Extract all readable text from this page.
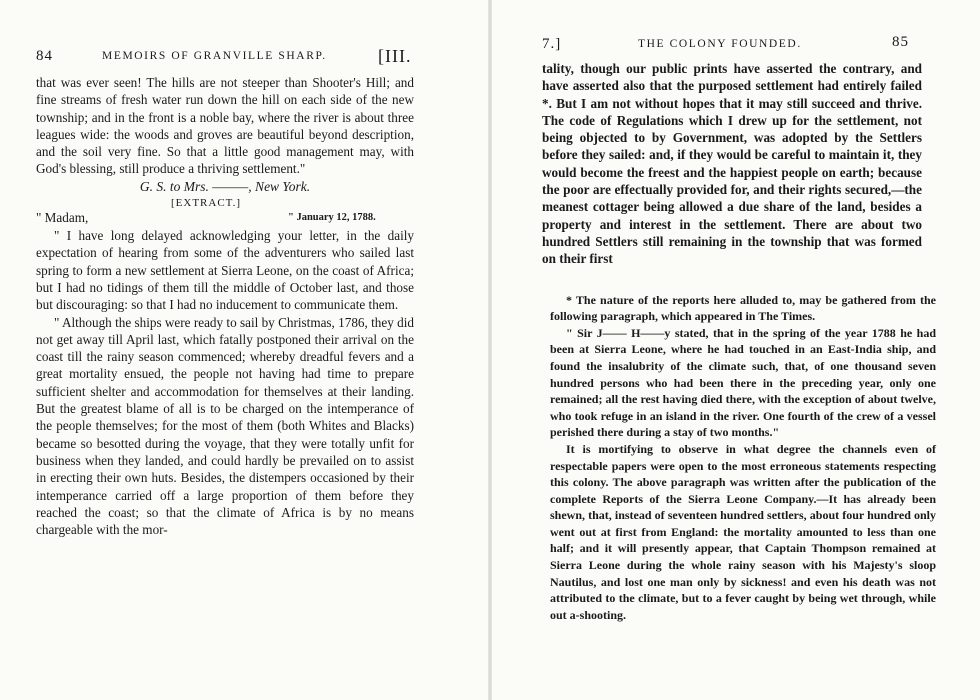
84	MEMOIRS OF GRANVILLE SHARP.	[III.

that was ever seen! The hills are not steeper than Shooter's Hill; and fine streams of fresh water run down the hill on each side of the new township; and in the front is a noble bay, where the river is about three leagues wide: the woods and groves are beautiful beyond description, and the soil very fine. So that a little good management may, with God's blessing, still produce a thriving settlement."

G. S. to Mrs. ———, New York.

[EXTRACT.]
" Madam,	" January 12, 1788.

" I have long delayed acknowledging your letter, in the daily expectation of hearing from some of the adventurers who sailed last spring to form a new settlement at Sierra Leone, on the coast of Africa; but I had no tidings of them till the middle of October last, and those but discouraging: so that I had no inducement to communicate them.

" Although the ships were ready to sail by Christmas, 1786, they did not get away till April last, which fatally postponed their arrival on the coast till the rainy season commenced; whereby dreadful fevers and a great mortality ensued, the people not having had time to prepare sufficient shelter and accommodation for themselves at their landing. But the greatest blame of all is to be charged on the intemperance of the people themselves; for the most of them (both Whites and Blacks) became so besotted during the voyage, that they were totally unfit for business when they landed, and could hardly be prevailed on to assist in erecting their own huts. Besides, the distempers occasioned by their intemperance carried off a large proportion of them before they reached the coast; so that the climate of Africa is by no means chargeable with the mor-

7.]	THE COLONY FOUNDED.	85

tality, though our public prints have asserted the contrary, and have asserted also that the purposed settlement had entirely failed *. But I am not without hopes that it may still succeed and thrive. The code of Regulations which I drew up for the settlement, not being objected to by Government, was adopted by the Settlers before they sailed: and, if they would be careful to maintain it, they would become the freest and the happiest people on earth; because the poor are effectually provided for, and their rights secured,—the meanest cottager being allowed a due share of the land, besides a property and interest in the settlement. There are about two hundred Settlers still remaining in the township that was formed on their first

* The nature of the reports here alluded to, may be gathered from the following paragraph, which appeared in The Times.

" Sir J—— H——y stated, that in the spring of the year 1788 he had been at Sierra Leone, where he had touched in an East-India ship, and found the insalubrity of the climate such, that, of one thousand seven hundred persons who had been there in the preceding year, only one remained; all the rest having died there, with the exception of about twelve, who took refuge in an island in the river. One fourth of the crew of a vessel perished there during a stay of two months."

It is mortifying to observe in what degree the channels even of respectable papers were open to the most erroneous statements respecting this colony. The above paragraph was written after the publication of the complete Reports of the Sierra Leone Company.—It has already been shewn, that, instead of seventeen hundred settlers, about four hundred only went out at first from England: the mortality amounted to less than one half; and it will presently appear, that Captain Thompson remained at Sierra Leone during the whole rainy season with his Majesty's sloop Nautilus, and lost one man only by sickness! and even his death was not attributed to the climate, but to a fever caught by being wet through, while out a-shooting.
